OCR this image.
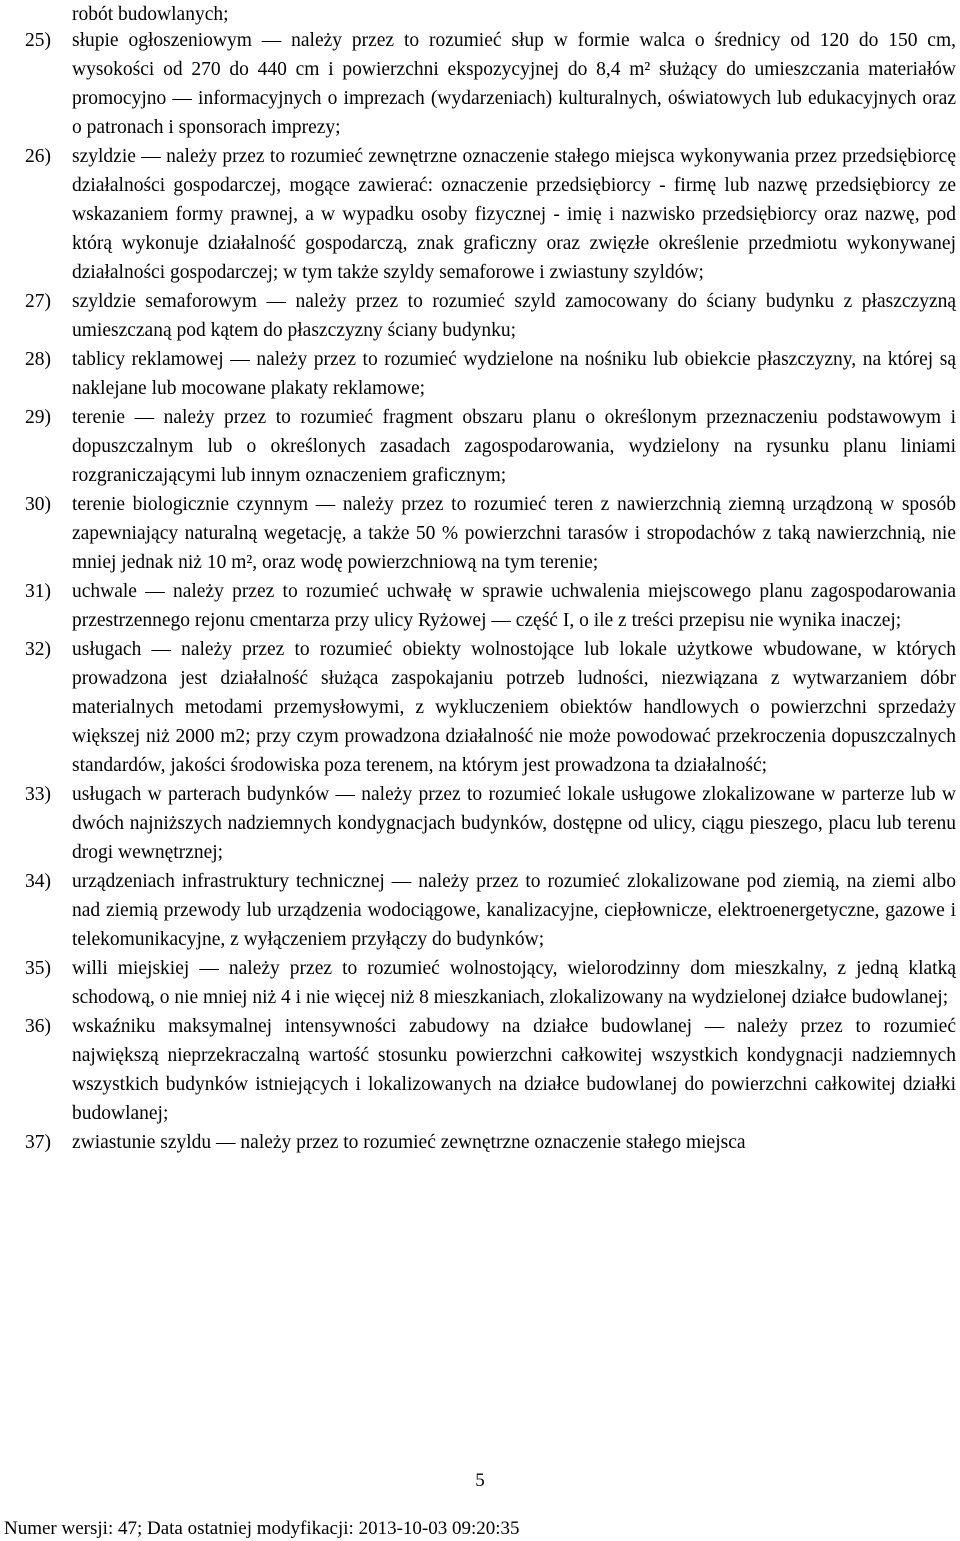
robót budowlanych;
25)	słupie ogłoszeniowym — należy przez to rozumieć słup w formie walca o średnicy od 120 do 150 cm, wysokości od 270 do 440 cm i powierzchni ekspozycyjnej do 8,4 m² służący do umieszczania materiałów promocyjno — informacyjnych o imprezach (wydarzeniach) kulturalnych, oświatowych lub edukacyjnych oraz o patronach i sponsorach imprezy;
26)	szyldzie — należy przez to rozumieć zewnętrzne oznaczenie stałego miejsca wykonywania przez przedsiębiorcę działalności gospodarczej, mogące zawierać: oznaczenie przedsiębiorcy - firmę lub nazwę przedsiębiorcy ze wskazaniem formy prawnej, a w wypadku osoby fizycznej - imię i nazwisko przedsiębiorcy oraz nazwę, pod którą wykonuje działalność gospodarczą, znak graficzny oraz zwięzłe określenie przedmiotu wykonywanej działalności gospodarczej; w tym także szyldy semaforowe i zwiastuny szyldów;
27)	szyldzie semaforowym — należy przez to rozumieć szyld zamocowany do ściany budynku z płaszczyzną umieszczaną pod kątem do płaszczyzny ściany budynku;
28)	tablicy reklamowej — należy przez to rozumieć wydzielone na nośniku lub obiekcie płaszczyzny, na której są naklejane lub mocowane plakaty reklamowe;
29)	terenie — należy przez to rozumieć fragment obszaru planu o określonym przeznaczeniu podstawowym i dopuszczalnym lub o określonych zasadach zagospodarowania, wydzielony na rysunku planu liniami rozgraniczającymi lub innym oznaczeniem graficznym;
30)	terenie biologicznie czynnym — należy przez to rozumieć teren z nawierzchnią ziemną urządzoną w sposób zapewniający naturalną wegetację, a także 50 % powierzchni tarasów i stropodachów z taką nawierzchnią, nie mniej jednak niż 10 m², oraz wodę powierzchniową na tym terenie;
31)	uchwale — należy przez to rozumieć uchwałę w sprawie uchwalenia miejscowego planu zagospodarowania przestrzennego rejonu cmentarza przy ulicy Ryżowej — część I, o ile z treści przepisu nie wynika inaczej;
32)	usługach — należy przez to rozumieć obiekty wolnostojące lub lokale użytkowe wbudowane, w których prowadzona jest działalność służąca zaspokajaniu potrzeb ludności, niezwiązana z wytwarzaniem dóbr materialnych metodami przemysłowymi, z wykluczeniem obiektów handlowych o powierzchni sprzedaży większej niż 2000 m2; przy czym prowadzona działalność nie może powodować przekroczenia dopuszczalnych standardów, jakości środowiska poza terenem, na którym jest prowadzona ta działalność;
33)	usługach w parterach budynków — należy przez to rozumieć lokale usługowe zlokalizowane w parterze lub w dwóch najniższych nadziemnych kondygnacjach budynków, dostępne od ulicy, ciągu pieszego, placu lub terenu drogi wewnętrznej;
34)	urządzeniach infrastruktury technicznej — należy przez to rozumieć zlokalizowane pod ziemią, na ziemi albo nad ziemią przewody lub urządzenia wodociągowe, kanalizacyjne, ciepłownicze, elektroenergetyczne, gazowe i telekomunikacyjne, z wyłączeniem przyłączy do budynków;
35)	willi miejskiej — należy przez to rozumieć wolnostojący, wielorodzinny dom mieszkalny, z jedną klatką schodową, o nie mniej niż 4 i nie więcej niż 8 mieszkaniach, zlokalizowany na wydzielonej działce budowlanej;
36)	wskaźniku maksymalnej intensywności zabudowy na działce budowlanej — należy przez to rozumieć największą nieprzekraczalną wartość stosunku powierzchni całkowitej wszystkich kondygnacji nadziemnych wszystkich budynków istniejących i lokalizowanych na działce budowlanej do powierzchni całkowitej działki budowlanej;
37)	zwiastunie szyldu — należy przez to rozumieć zewnętrzne oznaczenie stałego miejsca
5
Numer wersji: 47; Data ostatniej modyfikacji: 2013-10-03 09:20:35
